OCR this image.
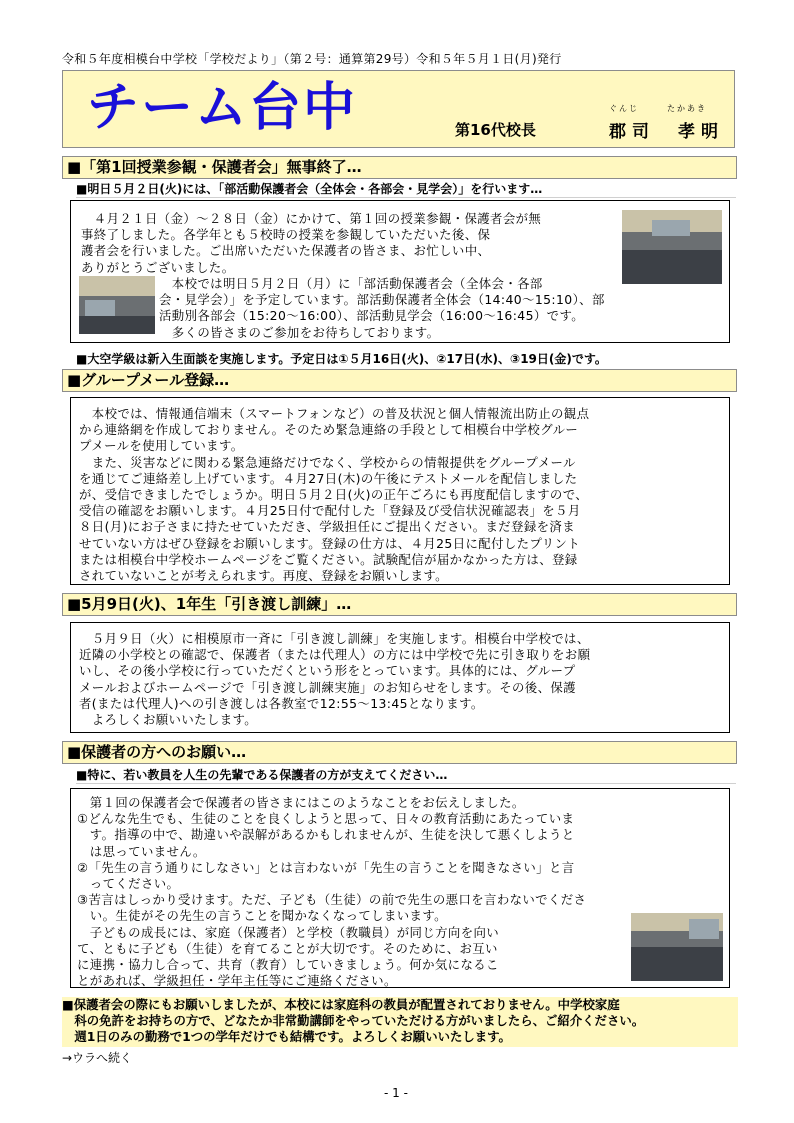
令和５年度相模台中学校「学校だより」（第２号：通算第29号）令和５年５月１日(月)発行
チーム台中	第16代校長
ぐんじ	たかあき
郡司　孝明
■「第1回授業参観・保護者会」無事終了…
■明日５月２日(火)には、「部活動保護者会（全体会・各部会・見学会）」を行います…

　４月２１日（金）～２８日（金）にかけて、第１回の授業参観・保護者会が無

事終了しました。各学年とも５校時の授業を参観していただいた後、保

護者会を行いました。ご出席いただいた保護者の皆さま、お忙しい中、

ありがとうございました。

　本校では明日５月２日（月）に「部活動保護者会（全体会・各部

会・見学会）」を予定しています。部活動保護者全体会（14:40～15:10）、部

活動別各部会（15:20～16:00）、部活動見学会（16:00～16:45）です。

　多くの皆さまのご参加をお待ちしております。

■大空学級は新入生面談を実施します。予定日は①５月16日(火)、②17日(水)、③19日(金)です。
■グループメール登録…

　本校では、情報通信端末（スマートフォンなど）の普及状況と個人情報流出防止の観点

から連絡網を作成しておりません。そのため緊急連絡の手段として相模台中学校グルー

プメールを使用しています。

　また、災害などに関わる緊急連絡だけでなく、学校からの情報提供をグループメール

を通じてご連絡差し上げています。４月27日(木)の午後にテストメールを配信しました

が、受信できましたでしょうか。明日５月２日(火)の正午ごろにも再度配信しますので、

受信の確認をお願いします。４月25日付で配付した「登録及び受信状況確認表」を５月

８日(月)にお子さまに持たせていただき、学級担任にご提出ください。まだ登録を済ま

せていない方はぜひ登録をお願いします。登録の仕方は、４月25日に配付したプリント

または相模台中学校ホームページをご覧ください。試験配信が届かなかった方は、登録

されていないことが考えられます。再度、登録をお願いします。

■5月9日(火)、1年生「引き渡し訓練」…

　５月９日（火）に相模原市一斉に「引き渡し訓練」を実施します。相模台中学校では、

近隣の小学校との確認で、保護者（または代理人）の方には中学校で先に引き取りをお願

いし、その後小学校に行っていただくという形をとっています。具体的には、グループ

メールおよびホームページで「引き渡し訓練実施」のお知らせをします。その後、保護

者(または代理人)への引き渡しは各教室で12:55～13:45となります。

　よろしくお願いいたします。

■保護者の方へのお願い…
■特に、若い教員を人生の先輩である保護者の方が支えてください…

　第１回の保護者会で保護者の皆さまにはこのようなことをお伝えしました。

①どんな先生でも、生徒のことを良くしようと思って、日々の教育活動にあたっていま

　す。指導の中で、勘違いや誤解があるかもしれませんが、生徒を決して悪くしようと

　は思っていません。

②「先生の言う通りにしなさい」とは言わないが「先生の言うことを聞きなさい」と言

　ってください。

③苦言はしっかり受けます。ただ、子ども（生徒）の前で先生の悪口を言わないでくださ

　い。生徒がその先生の言うことを聞かなくなってしまいます。

　子どもの成長には、家庭（保護者）と学校（教職員）が同じ方向を向い

て、ともに子ども（生徒）を育てることが大切です。そのために、お互い

に連携・協力し合って、共育（教育）していきましょう。何か気になるこ

とがあれば、学級担任・学年主任等にご連絡ください。

■保護者会の際にもお願いしましたが、本校には家庭科の教員が配置されておりません。中学校家庭

　科の免許をお持ちの方で、どなたか非常勤講師をやっていただける方がいましたら、ご紹介ください。

　週1日のみの勤務で1つの学年だけでも結構です。よろしくお願いいたします。

→ウラへ続く
- 1 -
